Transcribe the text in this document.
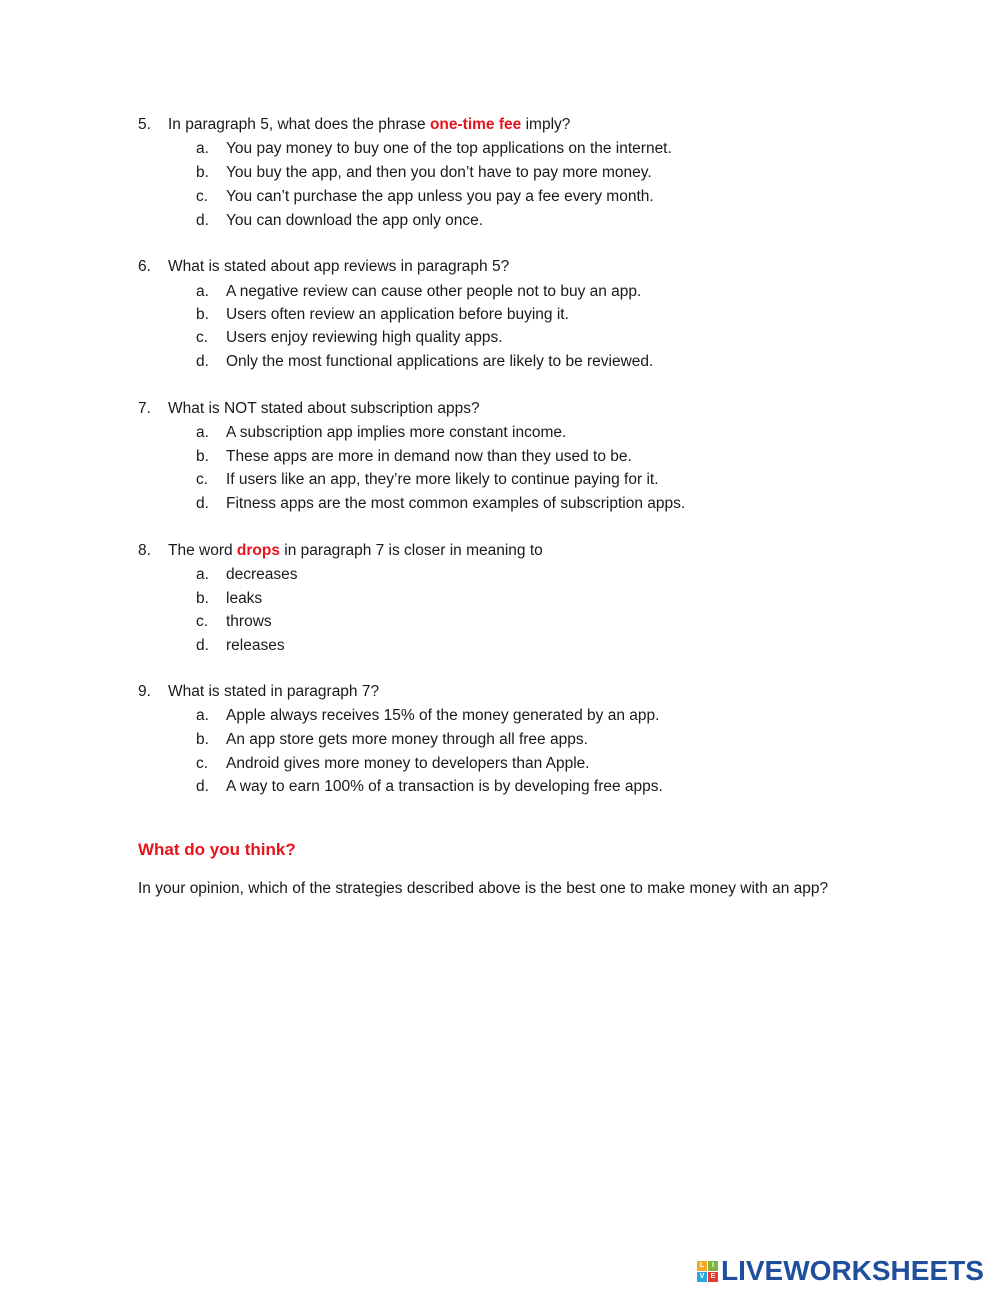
5. In paragraph 5, what does the phrase one-time fee imply?
a. You pay money to buy one of the top applications on the internet.
b. You buy the app, and then you don’t have to pay more money.
c. You can’t purchase the app unless you pay a fee every month.
d. You can download the app only once.
6. What is stated about app reviews in paragraph 5?
a. A negative review can cause other people not to buy an app.
b. Users often review an application before buying it.
c. Users enjoy reviewing high quality apps.
d. Only the most functional applications are likely to be reviewed.
7. What is NOT stated about subscription apps?
a. A subscription app implies more constant income.
b. These apps are more in demand now than they used to be.
c. If users like an app, they’re more likely to continue paying for it.
d. Fitness apps are the most common examples of subscription apps.
8. The word drops in paragraph 7 is closer in meaning to
a. decreases
b. leaks
c. throws
d. releases
9. What is stated in paragraph 7?
a. Apple always receives 15% of the money generated by an app.
b. An app store gets more money through all free apps.
c. Android gives more money to developers than Apple.
d. A way to earn 100% of a transaction is by developing free apps.
What do you think?
In your opinion, which of the strategies described above is the best one to make money with an app?
L	I
V E LIVEWORKSHEETS
